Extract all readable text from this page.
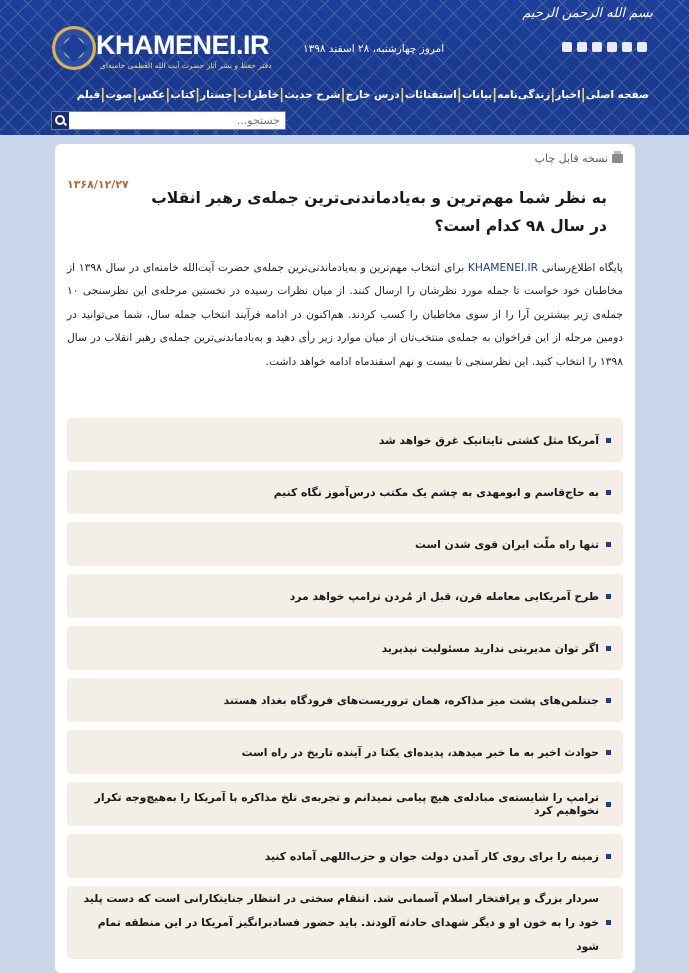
بسم الله الرحمن الرحیم
KHAMENEI.IR
دفتر حفظ و نشر آثار حضرت آیت الله العظمی خامنه‌ای
امروز چهارشنبه، ۲۸ اسفند ۱۳۹۸
صفحه اصلی
|
اخبار
|
زندگی‌نامه
|
بیانات
|
استفتائات
|
درس خارج
|
شرح حدیث
|
خاطرات
|
جستار
|
کتاب
|
عکس
|
صوت
|
فیلم
جستجو...
نسخه قابل چاپ
۱۳۶۸/۱۲/۲۷
به نظر شما مهم‌ترین و به‌یادماندنی‌ترین جمله‌ی رهبر انقلاب در سال ۹۸ کدام است؟
پایگاه اطلاع‌رسانی KHAMENEI.IR برای انتخاب مهم‌ترین و به‌یادماندنی‌ترین جمله‌ی حضرت آیت‌الله خامنه‌ای در سال ۱۳۹۸ از مخاطبان خود خواست تا جمله مورد نظرشان را ارسال کنند. از میان نظرات رسیده در نخستین مرحله‌ی این نظرسنجی ۱۰ جمله‌ی زیر بیشترین آرا را از سوی مخاطبان را کسب کردند. هم‌اکنون در ادامه فرآیند انتخاب جمله سال، شما می‌توانید در دومین مرحله از این فراخوان به جمله‌ی منتخب‌تان از میان موارد زیر رأی دهید و به‌یادماندنی‌ترین جمله‌ی رهبر انقلاب در سال ۱۳۹۸ را انتخاب کنید. این نظرسنجی تا بیست و نهم اسفندماه ادامه خواهد داشت.
آمریکا مثل کشتی تایتانیک غرق خواهد شد
به حاج‌قاسم و ابومهدی به چشم یک مکتب درس‌آموز نگاه کنیم
تنها راه ملّت ایران قوی شدن است
طرح آمریکایی معامله قرن، قبل از مُردن ترامپ خواهد مرد
اگر توان مدیریتی ندارید مسئولیت نپذیرید
جنتلمن‌های پشت میز مذاکره، همان تروریست‌های فرودگاه بغداد هستند
حوادث اخیر به ما خبر میدهد، پدیده‌ای یکتا در آینده تاریخ در راه است
ترامپ را شایسته‌ی مبادله‌ی هیچ پیامی نمیدانم و تجربه‌ی تلخ مذاکره با آمریکا را به‌هیچ‌وجه تکرار نخواهیم کرد
زمینه را برای روی کار آمدن دولت جوان و حزب‌اللهی آماده کنید
سردار بزرگ و پرافتخار اسلام آسمانی شد. انتقام سختی در انتظار جنایتکارانی است که دست پلید خود را به خون او و دیگر شهدای حادثه آلودند. باید حضور فسادبرانگیز آمریکا در این منطقه تمام شود
